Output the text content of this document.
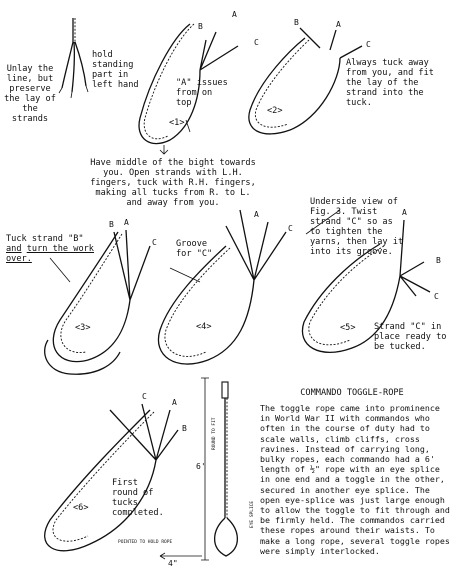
Unlay the line, but preserve the lay of the strands
hold standing part in left hand	"A" issues from on top
Always tuck away from you, and fit the lay of the strand into the tuck.
Have middle of the bight towards you. Open strands with L.H. fingers, tuck with R.H. fingers, making all tucks from R. to L. and away from you.	Underside view of Fig. 3. Twist strand "C" so as to tighten the yarns, then lay it into its groove.
Tuck strand "B"
and turn the work over.
Groove for "C"
Strand "C" in place ready to be tucked.
First round of tucks completed.
<1>
<2>
<3>	<4>	<5>
<6>
B
A
C
B	A
C
B A
C
A
C
A
B
C
C
A
B
COMMANDO TOGGLE-ROPE
The toggle rope came into prominence in World War II with commandos who often in the course of duty had to scale walls, climb cliffs, cross ravines. Instead of carrying long, bulky ropes, each commando had a 6' length of ½" rope with an eye splice in one end and a toggle in the other, secured in another eye splice. The open eye-splice was just large enough to allow the toggle to fit through and be firmly held. The commandos carried these ropes around their waists. To make a long rope, several toggle ropes were simply interlocked.
6'
4"
ROUND TO FIT
POINTED TO HOLD ROPE
EYE SPLICE
